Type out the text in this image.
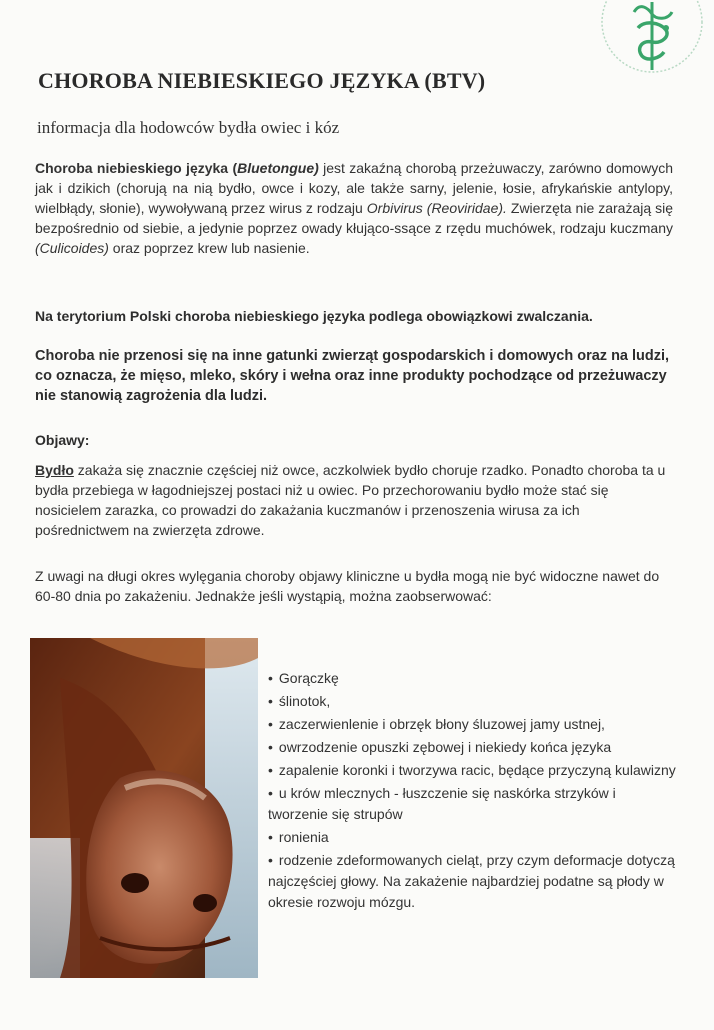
CHOROBA NIEBIESKIEGO JĘZYKA (BTV)

informacja dla hodowców bydła owiec i kóz

Choroba niebieskiego języka (Bluetongue) jest zakaźną chorobą przeżuwaczy, zarówno domowych jak i dzikich (chorują na nią bydło, owce i kozy, ale także sarny, jelenie, łosie, afrykańskie antylopy, wielbłądy, słonie), wywoływaną przez wirus z rodzaju Orbivirus (Reoviridae). Zwierzęta nie zarażają się bezpośrednio od siebie, a jedynie poprzez owady kłująco-ssące z rzędu muchówek, rodzaju kuczmany (Culicoides) oraz poprzez krew lub nasienie.

Na terytorium Polski choroba niebieskiego języka podlega obowiązkowi zwalczania.

Choroba nie przenosi się na inne gatunki zwierząt gospodarskich i domowych oraz na ludzi, co oznacza, że mięso, mleko, skóry i wełna oraz inne produkty pochodzące od przeżuwaczy nie stanowią zagrożenia dla ludzi.

Objawy:

Bydło zakaża się znacznie częściej niż owce, aczkolwiek bydło choruje rzadko. Ponadto choroba ta u bydła przebiega w łagodniejszej postaci niż u owiec. Po przechorowaniu bydło może stać się nosicielem zarazka, co prowadzi do zakażania kuczmanów i przenoszenia wirusa za ich pośrednictwem na zwierzęta zdrowe.

Z uwagi na długi okres wylęgania choroby objawy kliniczne u bydła mogą nie być widoczne nawet do 60-80 dnia po zakażeniu. Jednakże jeśli wystąpią, można zaobserwować:

• Gorączkę
• ślinotok,
• zaczerwienlenie i obrzęk błony śluzowej jamy ustnej,
• owrzodzenie opuszki zębowej i niekiedy końca języka
• zapalenie koronki i tworzywa racic, będące przyczyną kulawizny
• u krów mlecznych - łuszczenie się naskórka strzyków i tworzenie się strupów
• ronienia
• rodzenie zdeformowanych cieląt, przy czym deformacje dotyczą najczęściej głowy. Na zakażenie najbardziej podatne są płody w okresie rozwoju mózgu.
